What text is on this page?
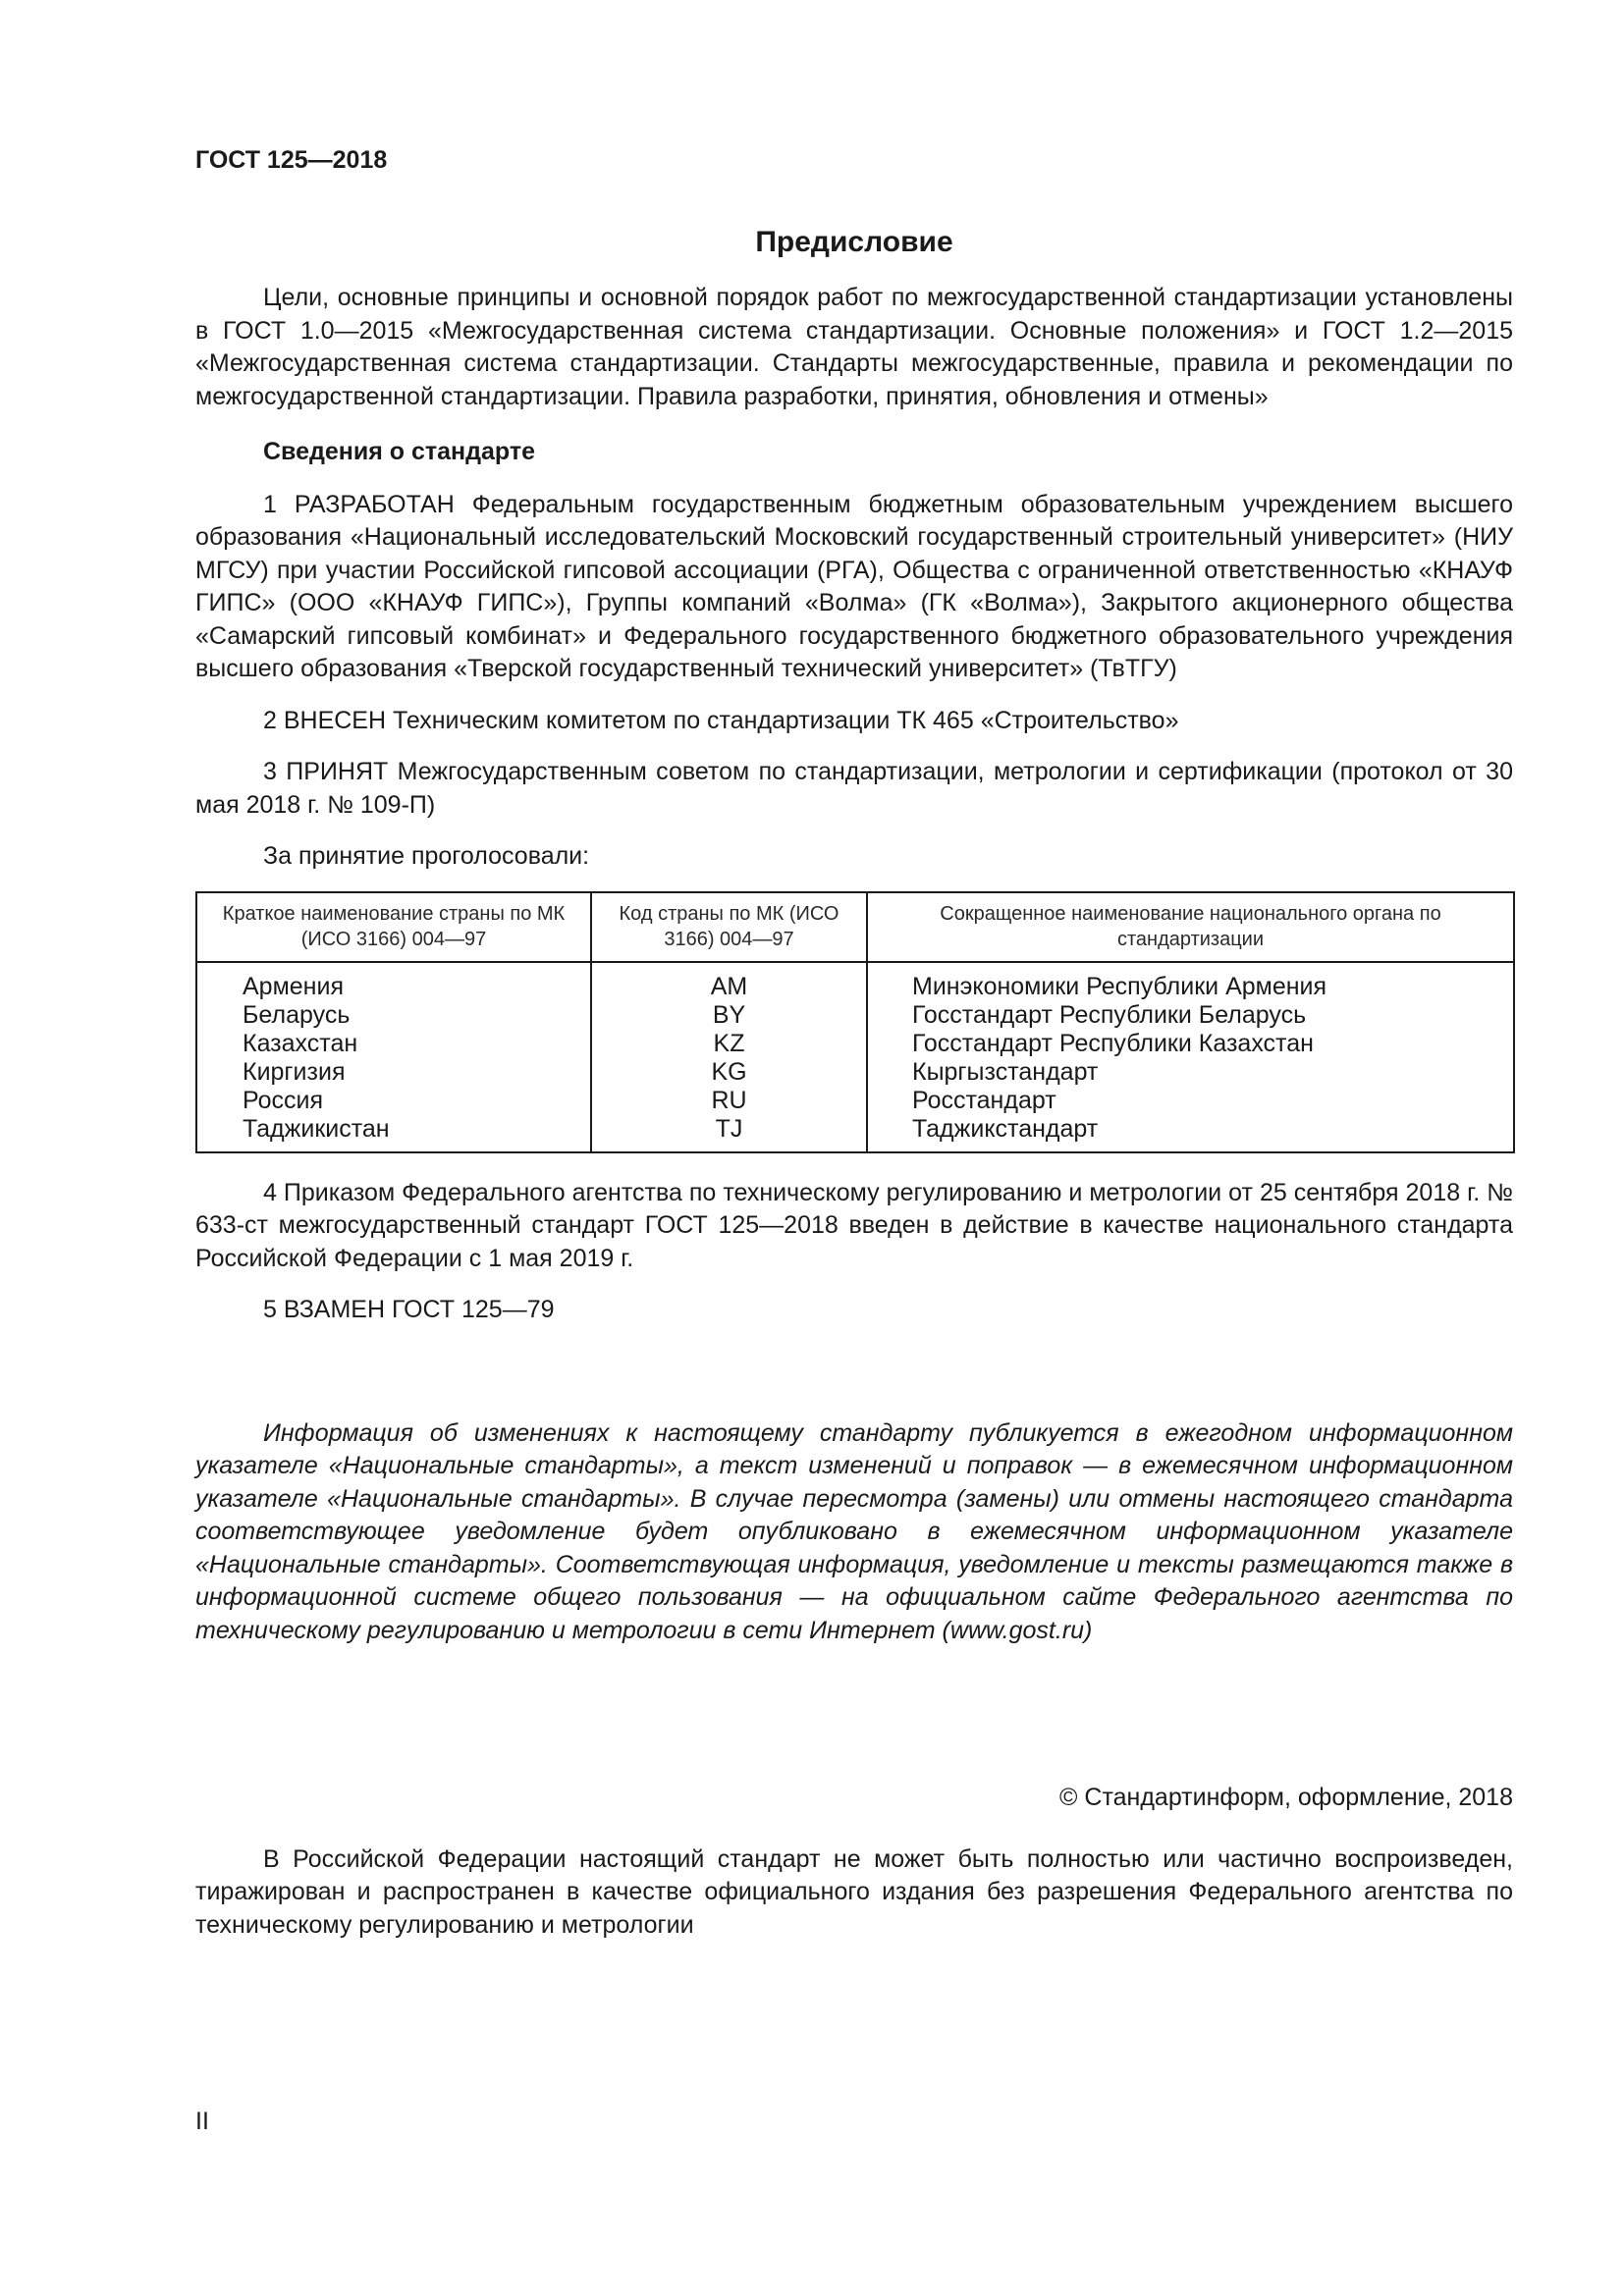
ГОСТ 125—2018
Предисловие

Цели, основные принципы и основной порядок работ по межгосударственной стандартизации установлены в ГОСТ 1.0—2015 «Межгосударственная система стандартизации. Основные положения» и ГОСТ 1.2—2015 «Межгосударственная система стандартизации. Стандарты межгосударственные, правила и рекомендации по межгосударственной стандартизации. Правила разработки, принятия, обновления и отмены»

Сведения о стандарте

1 РАЗРАБОТАН Федеральным государственным бюджетным образовательным учреждением высшего образования «Национальный исследовательский Московский государственный строительный университет» (НИУ МГСУ) при участии Российской гипсовой ассоциации (РГА), Общества с ограниченной ответственностью «КНАУФ ГИПС» (ООО «КНАУФ ГИПС»), Группы компаний «Волма» (ГК «Волма»), Закрытого акционерного общества «Самарский гипсовый комбинат» и Федерального государственного бюджетного образовательного учреждения высшего образования «Тверской государственный технический университет» (ТвТГУ)

2 ВНЕСЕН Техническим комитетом по стандартизации ТК 465 «Строительство»

3 ПРИНЯТ Межгосударственным советом по стандартизации, метрологии и сертификации (протокол от 30 мая 2018 г. № 109-П)

За принятие проголосовали:

Краткое наименование страны по МК (ИСО 3166) 004—97	Код страны по МК (ИСО 3166) 004—97	Сокращенное наименование национального органа по стандартизации
Армения	AM	Минэкономики Республики Армения
Беларусь	BY	Госстандарт Республики Беларусь
Казахстан	KZ	Госстандарт Республики Казахстан
Киргизия	KG	Кыргызстандарт
Россия	RU	Росстандарт
Таджикистан	TJ	Таджикстандарт

4 Приказом Федерального агентства по техническому регулированию и метрологии от 25 сентября 2018 г. № 633-ст межгосударственный стандарт ГОСТ 125—2018 введен в действие в качестве национального стандарта Российской Федерации с 1 мая 2019 г.

5 ВЗАМЕН ГОСТ 125—79

Информация об изменениях к настоящему стандарту публикуется в ежегодном информационном указателе «Национальные стандарты», а текст изменений и поправок — в ежемесячном информационном указателе «Национальные стандарты». В случае пересмотра (замены) или отмены настоящего стандарта соответствующее уведомление будет опубликовано в ежемесячном информационном указателе «Национальные стандарты». Соответствующая информация, уведомление и тексты размещаются также в информационной системе общего пользования — на официальном сайте Федерального агентства по техническому регулированию и метрологии в сети Интернет (www.gost.ru)

© Стандартинформ, оформление, 2018

В Российской Федерации настоящий стандарт не может быть полностью или частично воспроизведен, тиражирован и распространен в качестве официального издания без разрешения Федерального агентства по техническому регулированию и метрологии

II
